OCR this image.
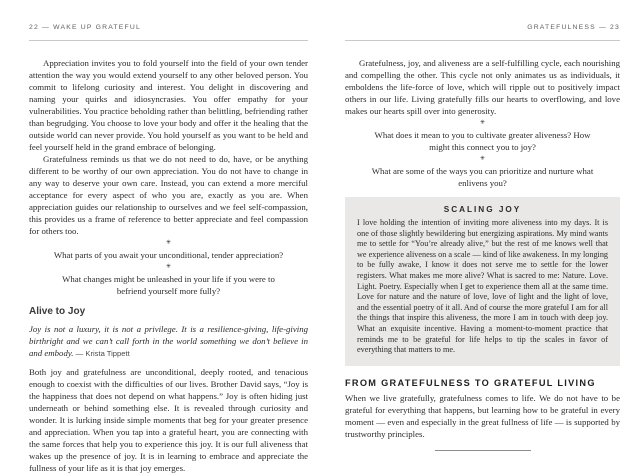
22 — WAKE UP GRATEFUL

Appreciation invites you to fold yourself into the field of your own tender attention the way you would extend yourself to any other beloved person. You commit to lifelong curiosity and interest. You delight in discovering and naming your quirks and idiosyncrasies. You offer empathy for your vulnerabilities. You practice beholding rather than belittling, befriending rather than begrudging. You choose to love your body and offer it the healing that the outside world can never provide. You hold yourself as you want to be held and feel yourself held in the grand embrace of belonging.

Gratefulness reminds us that we do not need to do, have, or be anything different to be worthy of our own appreciation. You do not have to change in any way to deserve your own care. Instead, you can extend a more merciful acceptance for every aspect of who you are, exactly as you are. When appreciation guides our relationship to ourselves and we feel self-compassion, this provides us a frame of reference to better appreciate and feel compassion for others too.

✳

What parts of you await your unconditional, tender appreciation?

✳

What changes might be unleashed in your life if you were to befriend yourself more fully?

Alive to Joy

Joy is not a luxury, it is not a privilege. It is a resilience-giving, life-giving birthright and we can’t call forth in the world something we don’t believe in and embody. — Krista Tippett

Both joy and gratefulness are unconditional, deeply rooted, and tenacious enough to coexist with the difficulties of our lives. Brother David says, “Joy is the happiness that does not depend on what happens.” Joy is often hiding just underneath or behind something else. It is revealed through curiosity and wonder. It is lurking inside simple moments that beg for your greater presence and appreciation. When you tap into a grateful heart, you are connecting with the same forces that help you to experience this joy. It is our full aliveness that wakes up the presence of joy. It is in learning to embrace and appreciate the fullness of your life as it is that joy emerges.

GRATEFULNESS — 23

Gratefulness, joy, and aliveness are a self-fulfilling cycle, each nourishing and compelling the other. This cycle not only animates us as individuals, it emboldens the life-force of love, which will ripple out to positively impact others in our life. Living gratefully fills our hearts to overflowing, and love makes our hearts spill over into generosity.

✳

What does it mean to you to cultivate greater aliveness? How might this connect you to joy?

✳

What are some of the ways you can prioritize and nurture what enlivens you?

SCALING JOY

I love holding the intention of inviting more aliveness into my days. It is one of those slightly bewildering but energizing aspirations. My mind wants me to settle for “You’re already alive,” but the rest of me knows well that we experience aliveness on a scale — kind of like awakeness. In my longing to be fully awake, I know it does not serve me to settle for the lower registers. What makes me more alive? What is sacred to me: Nature. Love. Light. Poetry. Especially when I get to experience them all at the same time. Love for nature and the nature of love, love of light and the light of love, and the essential poetry of it all. And of course the more grateful I am for all the things that inspire this aliveness, the more I am in touch with deep joy. What an exquisite incentive. Having a moment-to-moment practice that reminds me to be grateful for life helps to tip the scales in favor of everything that matters to me.

FROM GRATEFULNESS TO GRATEFUL LIVING

When we live gratefully, gratefulness comes to life. We do not have to be grateful for everything that happens, but learning how to be grateful in every moment — even and especially in the great fullness of life — is supported by trustworthy principles.
